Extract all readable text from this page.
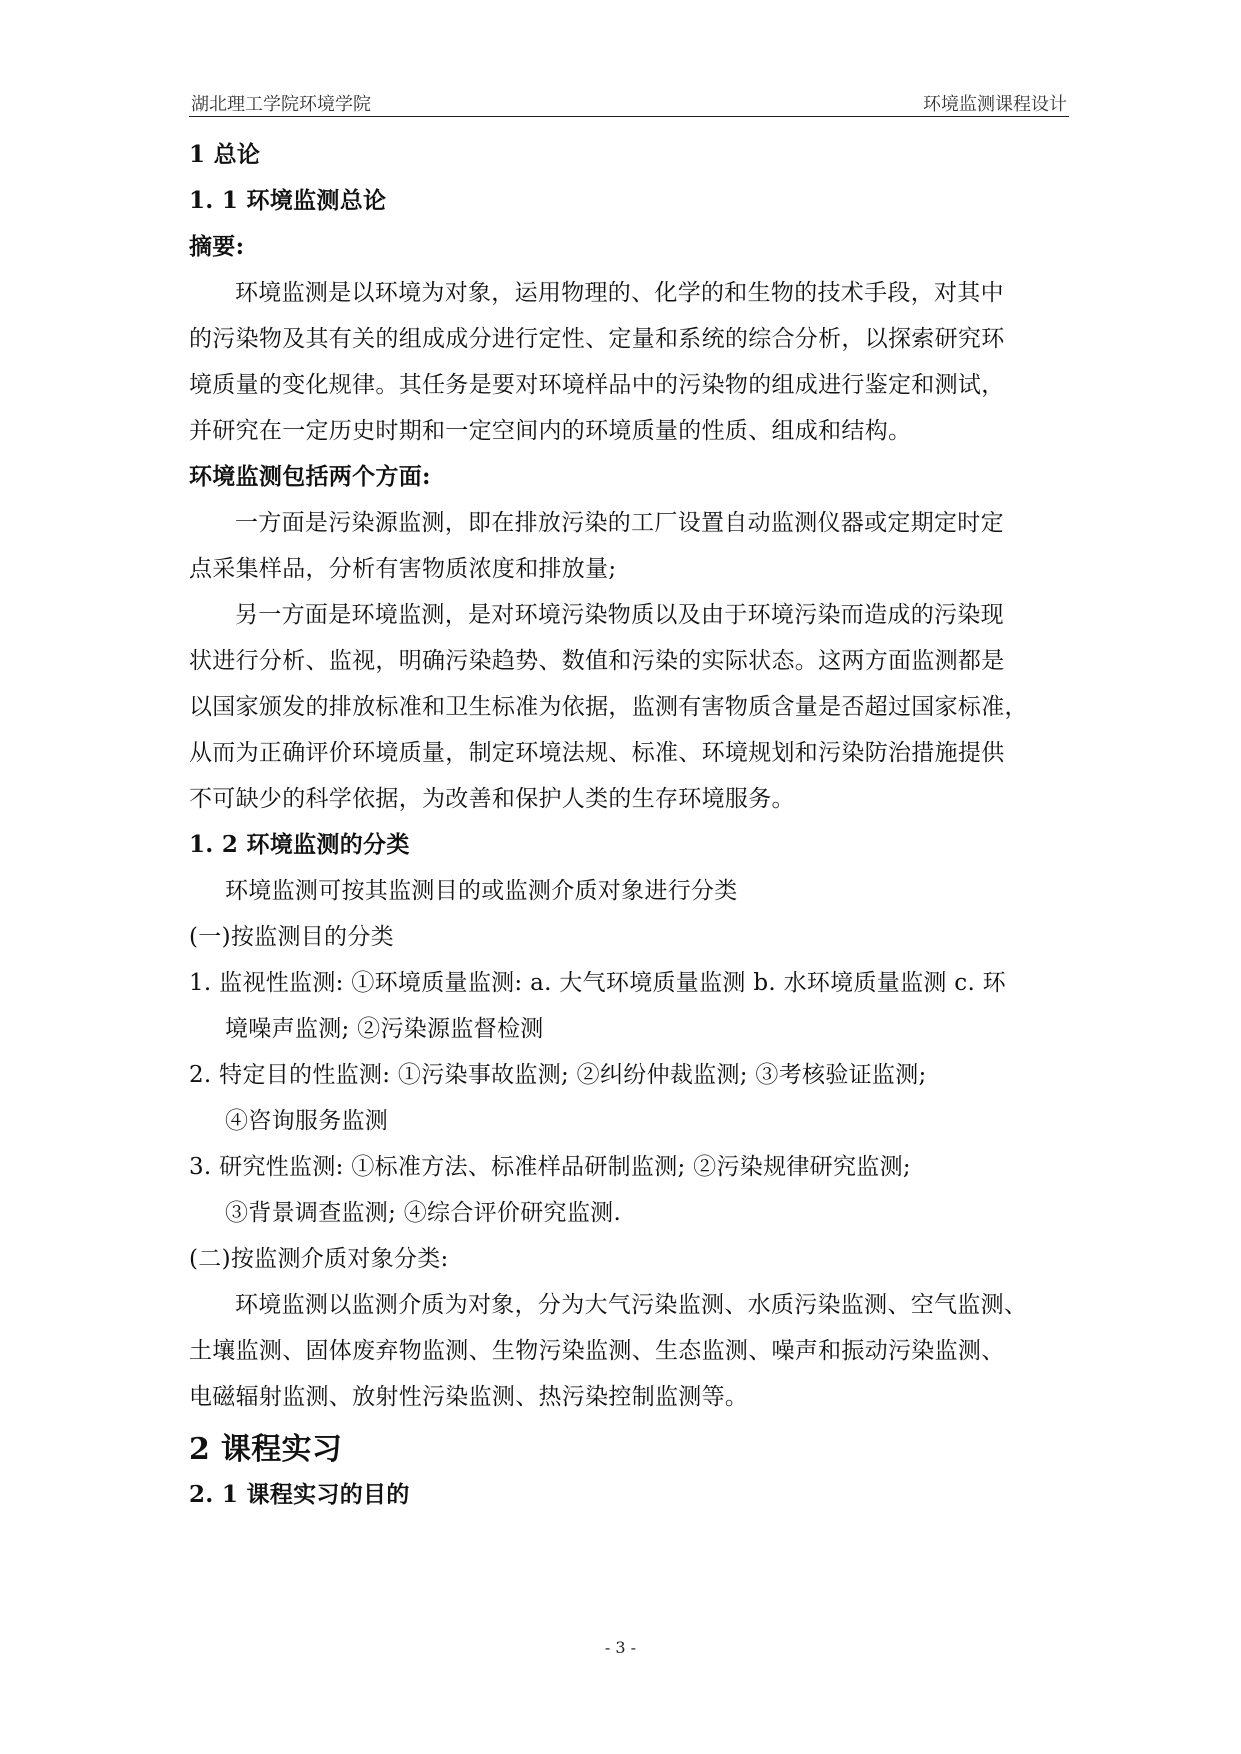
湖北理工学院环境学院	环境监测课程设计
1 总论
1. 1 环境监测总论
摘要:
环境监测是以环境为对象，运用物理的、化学的和生物的技术手段，对其中
的污染物及其有关的组成成分进行定性、定量和系统的综合分析，以探索研究环
境质量的变化规律。其任务是要对环境样品中的污染物的组成进行鉴定和测试，
并研究在一定历史时期和一定空间内的环境质量的性质、组成和结构。
环境监测包括两个方面:
一方面是污染源监测，即在排放污染的工厂设置自动监测仪器或定期定时定
点采集样品，分析有害物质浓度和排放量;
另一方面是环境监测，是对环境污染物质以及由于环境污染而造成的污染现
状进行分析、监视，明确污染趋势、数值和污染的实际状态。这两方面监测都是
以国家颁发的排放标准和卫生标准为依据，监测有害物质含量是否超过国家标准，
从而为正确评价环境质量，制定环境法规、标准、环境规划和污染防治措施提供
不可缺少的科学依据，为改善和保护人类的生存环境服务。
1. 2 环境监测的分类
环境监测可按其监测目的或监测介质对象进行分类
(一)按监测目的分类
1. 监视性监测: ①环境质量监测: a. 大气环境质量监测 b. 水环境质量监测 c. 环
境噪声监测; ②污染源监督检测
2. 特定目的性监测: ①污染事故监测; ②纠纷仲裁监测; ③考核验证监测;
④咨询服务监测
3. 研究性监测: ①标准方法、标准样品研制监测; ②污染规律研究监测;
③背景调查监测; ④综合评价研究监测.
(二)按监测介质对象分类:
环境监测以监测介质为对象，分为大气污染监测、水质污染监测、空气监测、
土壤监测、固体废弃物监测、生物污染监测、生态监测、噪声和振动污染监测、
电磁辐射监测、放射性污染监测、热污染控制监测等。
2 课程实习
2. 1 课程实习的目的
- 3 -
